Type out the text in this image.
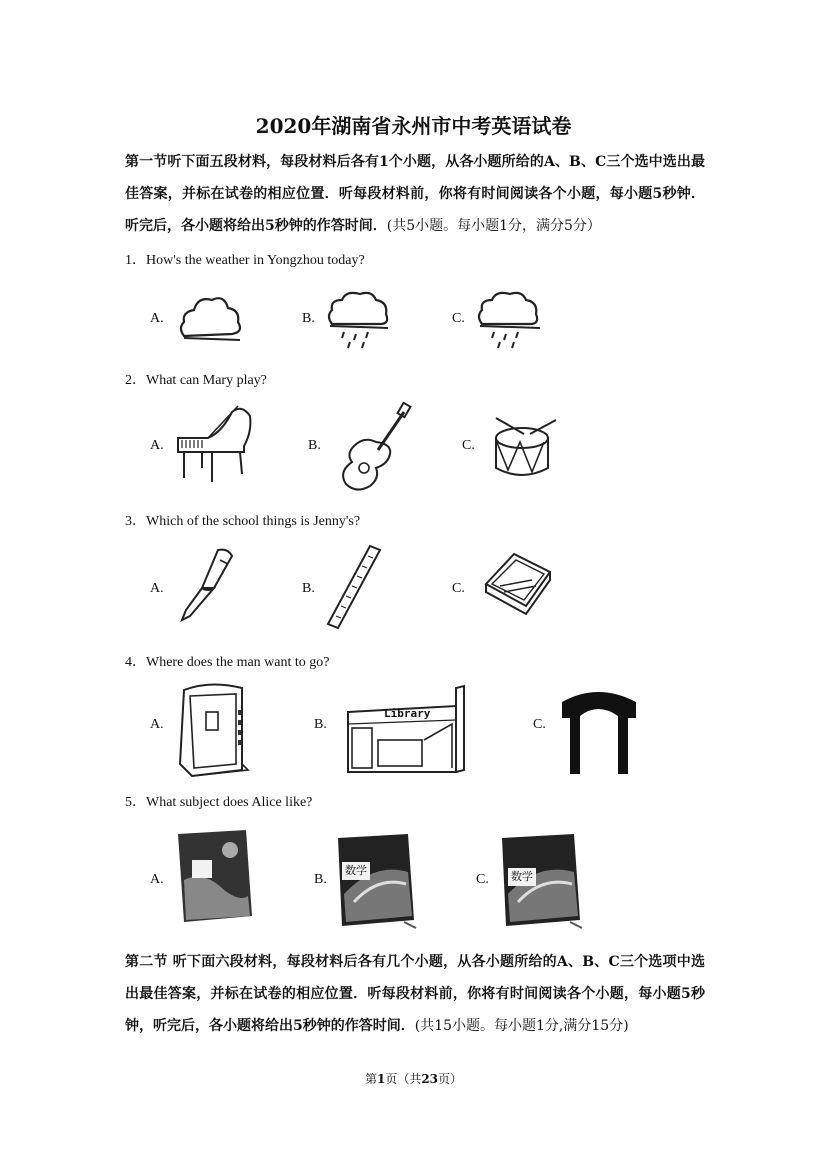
2020年湖南省永州市中考英语试卷
第一节听下面五段材料，每段材料后各有1个小题，从各小题所给的A、B、C三个选中选出最佳答案，并标在试卷的相应位置．听每段材料前，你将有时间阅读各个小题，每小题5秒钟．听完后，各小题将给出5秒钟的作答时间．(共5小题。每小题1分，满分5分）
1．How's the weather in Yongzhou today?
A.	B.	C.
2．What can Mary play?
A.	B.	C.
3．Which of the school things is Jenny's?
A.	B.	C.
4．Where does the man want to go?
A.	B.
Library
C.
5．What subject does Alice like?
A.	B.
数学
C. 数学
第二节 听下面六段材料，每段材料后各有几个小题，从各小题所给的A、B、C三个选项中选出最佳答案，并标在试卷的相应位置．听每段材料前，你将有时间阅读各个小题，每小题5秒钟，听完后，各小题将给出5秒钟的作答时间．(共15小题。每小题1分,满分15分)
第1页（共23页）
